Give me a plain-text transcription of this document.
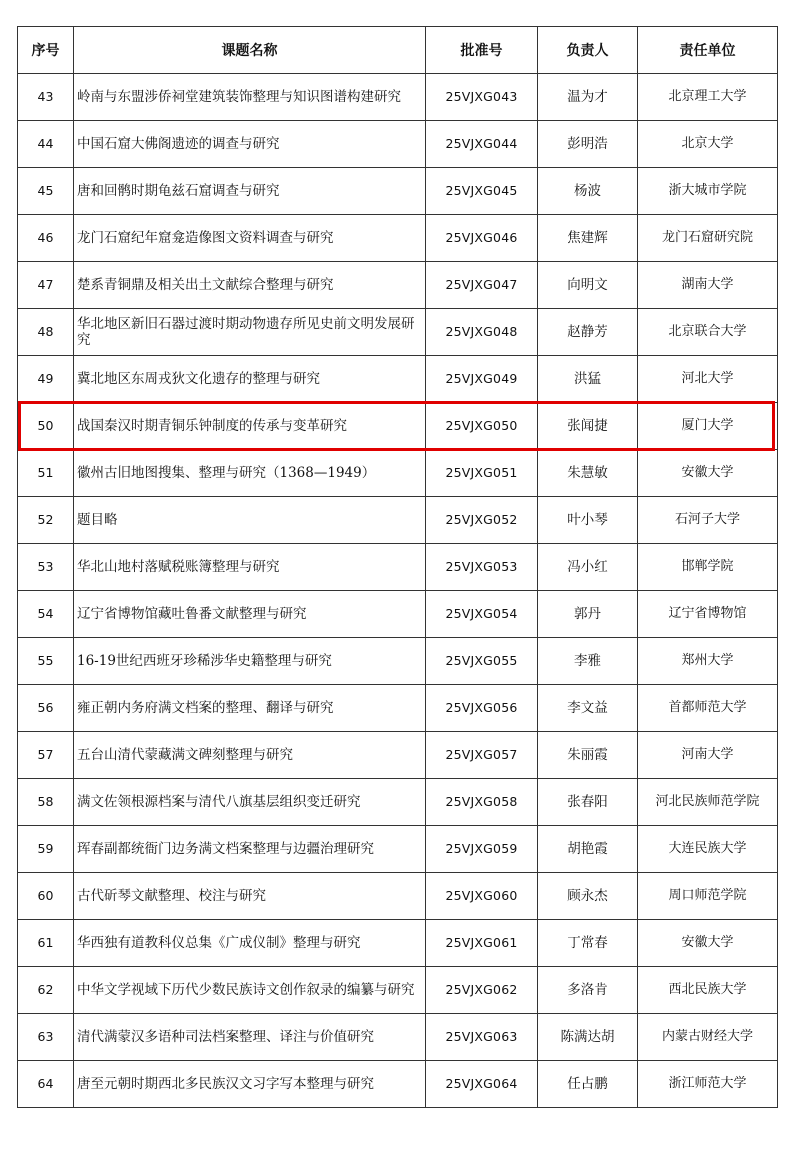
序号	课题名称	批准号	负责人	责任单位
43	岭南与东盟涉侨祠堂建筑装饰整理与知识图谱构建研究	25VJXG043	温为才	北京理工大学
44	中国石窟大佛阁遗迹的调查与研究	25VJXG044	彭明浩	北京大学
45	唐和回鹘时期龟兹石窟调查与研究	25VJXG045	杨波	浙大城市学院
46	龙门石窟纪年窟龛造像图文资料调查与研究	25VJXG046	焦建辉	龙门石窟研究院
47	楚系青铜鼎及相关出土文献综合整理与研究	25VJXG047	向明文	湖南大学
48	华北地区新旧石器过渡时期动物遗存所见史前文明发展研究	25VJXG048	赵静芳	北京联合大学
49	冀北地区东周戎狄文化遗存的整理与研究	25VJXG049	洪猛	河北大学
50	战国秦汉时期青铜乐钟制度的传承与变革研究	25VJXG050	张闻捷	厦门大学
51	徽州古旧地图搜集、整理与研究（1368—1949）	25VJXG051	朱慧敏	安徽大学
52	题目略	25VJXG052	叶小琴	石河子大学
53	华北山地村落赋税账簿整理与研究	25VJXG053	冯小红	邯郸学院
54	辽宁省博物馆藏吐鲁番文献整理与研究	25VJXG054	郭丹	辽宁省博物馆
55	16-19世纪西班牙珍稀涉华史籍整理与研究	25VJXG055	李雅	郑州大学
56	雍正朝内务府满文档案的整理、翻译与研究	25VJXG056	李文益	首都师范大学
57	五台山清代蒙藏满文碑刻整理与研究	25VJXG057	朱丽霞	河南大学
58	满文佐领根源档案与清代八旗基层组织变迁研究	25VJXG058	张春阳	河北民族师范学院
59	珲春副都统衙门边务满文档案整理与边疆治理研究	25VJXG059	胡艳霞	大连民族大学
60	古代斫琴文献整理、校注与研究	25VJXG060	顾永杰	周口师范学院
61	华西独有道教科仪总集《广成仪制》整理与研究	25VJXG061	丁常春	安徽大学
62	中华文学视域下历代少数民族诗文创作叙录的编纂与研究	25VJXG062	多洛肯	西北民族大学
63	清代满蒙汉多语种司法档案整理、译注与价值研究	25VJXG063	陈满达胡	内蒙古财经大学
64	唐至元朝时期西北多民族汉文习字写本整理与研究	25VJXG064	任占鹏	浙江师范大学
